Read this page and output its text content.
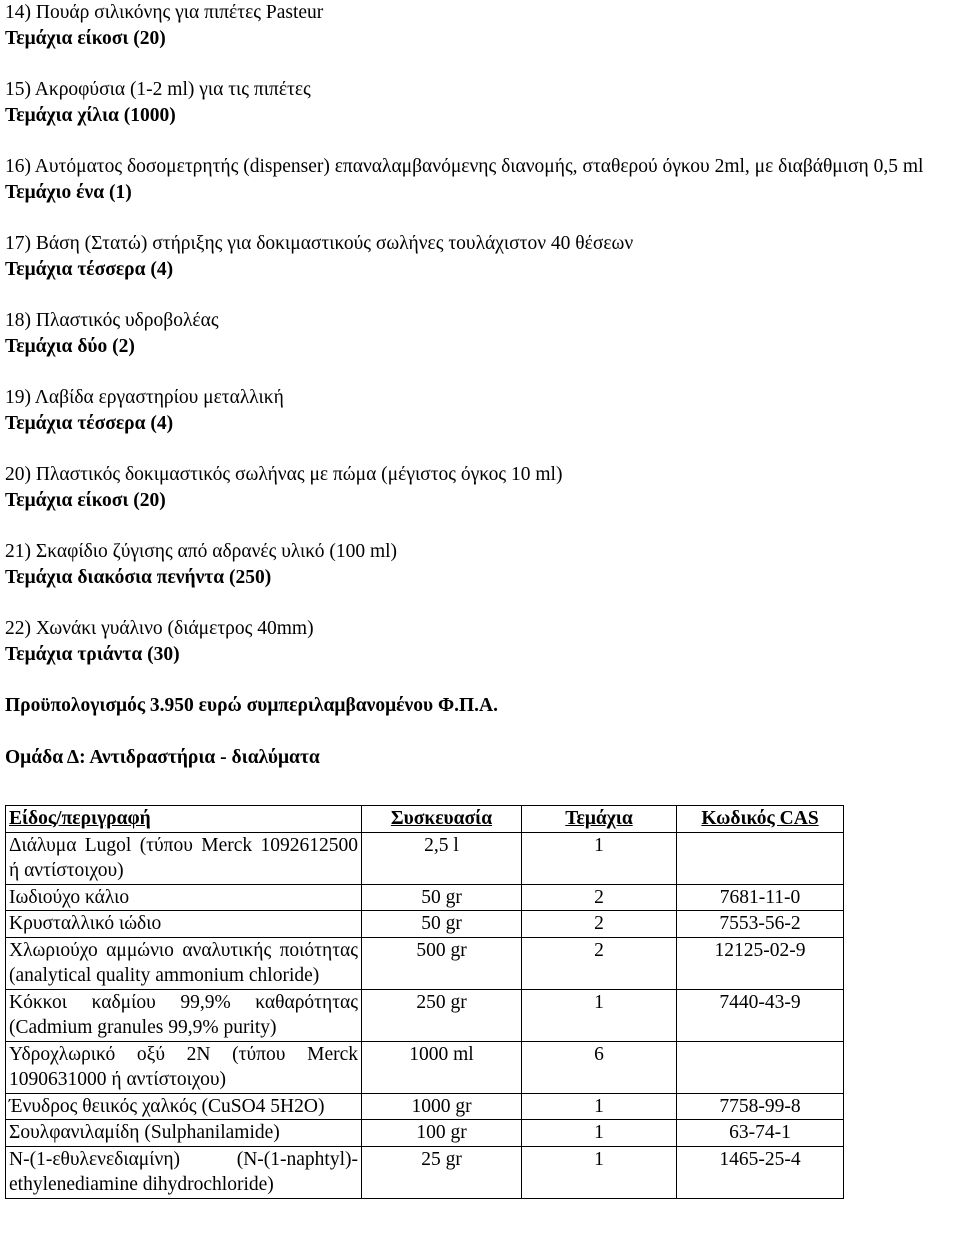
14) Πουάρ σιλικόνης για πιπέτες Pasteur
Τεμάχια είκοσι (20)
15) Ακροφύσια (1-2 ml) για τις πιπέτες
Τεμάχια χίλια (1000)
16) Αυτόματος δοσομετρητής (dispenser) επαναλαμβανόμενης διανομής, σταθερού όγκου 2ml, με διαβάθμιση 0,5 ml
Τεμάχιο ένα (1)
17) Βάση (Στατώ) στήριξης για δοκιμαστικούς σωλήνες τουλάχιστον 40 θέσεων
Τεμάχια τέσσερα (4)
18) Πλαστικός υδροβολέας
Τεμάχια δύο (2)
19) Λαβίδα εργαστηρίου μεταλλική
Τεμάχια τέσσερα (4)
20) Πλαστικός δοκιμαστικός σωλήνας με πώμα (μέγιστος όγκος 10 ml)
Τεμάχια είκοσι (20)
21) Σκαφίδιο ζύγισης από αδρανές υλικό (100 ml)
Τεμάχια διακόσια πενήντα (250)
22) Χωνάκι γυάλινο (διάμετρος 40mm)
Τεμάχια τριάντα (30)
Προϋπολογισμός 3.950 ευρώ συμπεριλαμβανομένου Φ.Π.Α.
Ομάδα Δ: Αντιδραστήρια - διαλύματα
Είδος/περιγραφή	Συσκευασία	Τεμάχια	Κωδικός CAS
Διάλυμα Lugol (τύπου Merck 1092612500 ή αντίστοιχου)	2,5 l	1	
Ιωδιούχο κάλιο	50 gr	2	7681-11-0
Κρυσταλλικό ιώδιο	50 gr	2	7553-56-2
Χλωριούχο αμμώνιο αναλυτικής ποιότητας (analytical quality ammonium chloride)	500 gr	2	12125-02-9
Κόκκοι καδμίου 99,9% καθαρότητας (Cadmium granules 99,9% purity)	250 gr	1	7440-43-9
Υδροχλωρικό οξύ 2N (τύπου Merck 1090631000 ή αντίστοιχου)	1000 ml	6	
Ένυδρος θειικός χαλκός (CuSO4 5H2O)	1000 gr	1	7758-99-8
Σουλφανιλαμίδη (Sulphanilamide)	100 gr	1	63-74-1
N-(1-εθυλενεδιαμίνη) (N-(1-naphtyl)-ethylenediamine dihydrochloride)	25 gr	1	1465-25-4
